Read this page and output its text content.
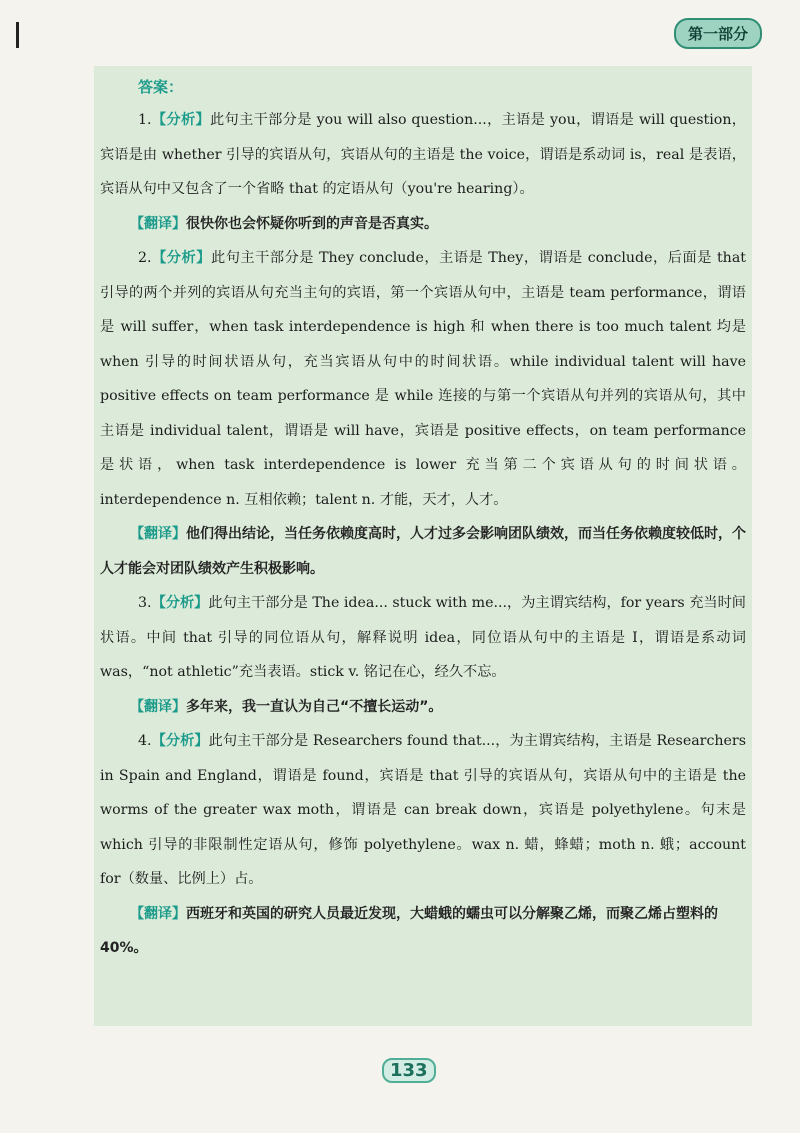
第一部分
答案：

1.【分析】此句主干部分是 you will also question...，主语是 you，谓语是 will question，宾语是由 whether 引导的宾语从句，宾语从句的主语是 the voice，谓语是系动词 is，real 是表语，宾语从句中又包含了一个省略 that 的定语从句（you're hearing）。

【翻译】很快你也会怀疑你听到的声音是否真实。

2.【分析】此句主干部分是 They conclude，主语是 They，谓语是 conclude，后面是 that 引导的两个并列的宾语从句充当主句的宾语，第一个宾语从句中，主语是 team performance，谓语是 will suffer，when task interdependence is high 和 when there is too much talent 均是 when 引导的时间状语从句，充当宾语从句中的时间状语。while individual talent will have positive effects on team performance 是 while 连接的与第一个宾语从句并列的宾语从句，其中主语是 individual talent，谓语是 will have，宾语是 positive effects，on team performance 是状语，when task interdependence is lower 充当第二个宾语从句的时间状语。interdependence n. 互相依赖；talent n. 才能，天才，人才。

【翻译】他们得出结论，当任务依赖度高时，人才过多会影响团队绩效，而当任务依赖度较低时，个人才能会对团队绩效产生积极影响。

3.【分析】此句主干部分是 The idea... stuck with me...，为主谓宾结构，for years 充当时间状语。中间 that 引导的同位语从句，解释说明 idea，同位语从句中的主语是 I，谓语是系动词 was，“not athletic”充当表语。stick v. 铭记在心，经久不忘。

【翻译】多年来，我一直认为自己“不擅长运动”。

4.【分析】此句主干部分是 Researchers found that...，为主谓宾结构，主语是 Researchers in Spain and England，谓语是 found，宾语是 that 引导的宾语从句，宾语从句中的主语是 the worms of the greater wax moth，谓语是 can break down，宾语是 polyethylene。句末是 which 引导的非限制性定语从句，修饰 polyethylene。wax n. 蜡，蜂蜡；moth n. 蛾；account for（数量、比例上）占。

【翻译】西班牙和英国的研究人员最近发现，大蜡蛾的蠕虫可以分解聚乙烯，而聚乙烯占塑料的 40%。

133
